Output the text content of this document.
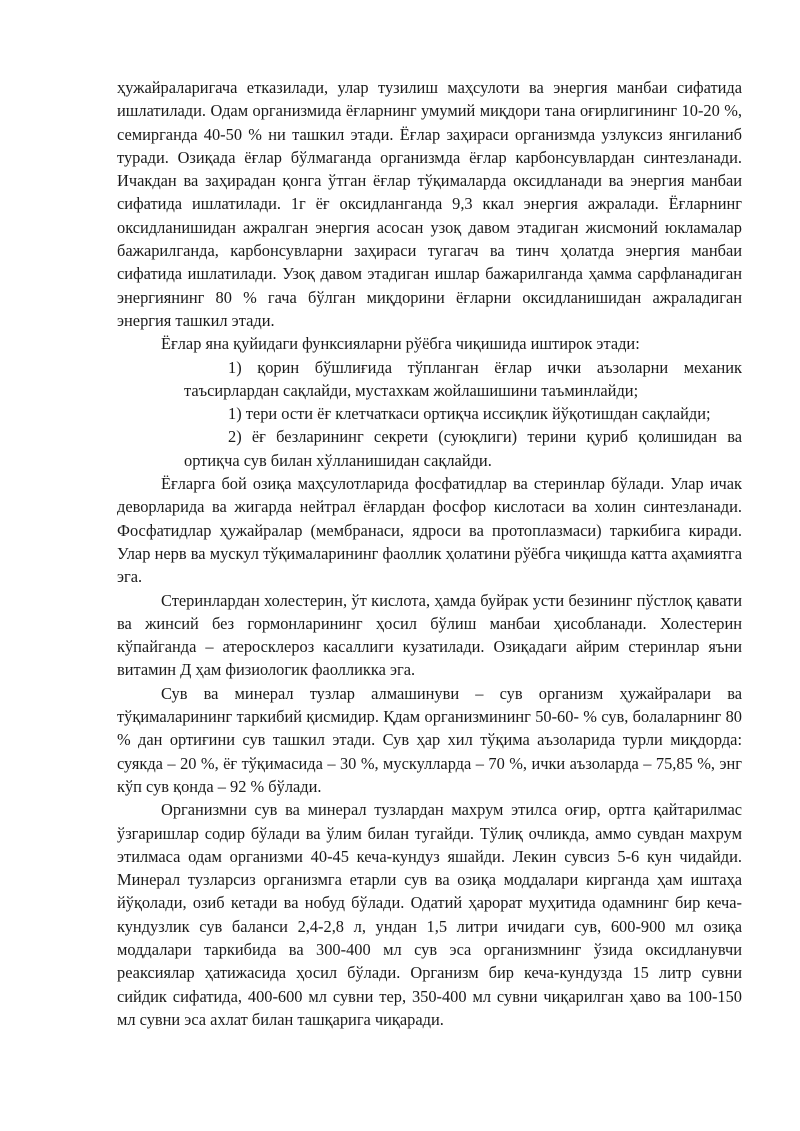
ҳужайраларигача етказилади, улар тузилиш маҳсулоти ва энергия манбаи сифатида ишлатилади. Одам организмида ёғларнинг умумий миқдори тана оғирлигининг 10-20 %, семирганда 40-50 % ни ташкил этади. Ёғлар заҳираси организмда узлуксиз янгиланиб туради. Озиқада ёғлар бўлмаганда организмда ёғлар карбонсувлардан синтезланади. Ичакдан ва заҳирадан қонга ўтган ёғлар тўқималарда оксидланади ва энергия манбаи сифатида ишлатилади. 1г ёғ оксидланганда 9,3 ккал энергия ажралади. Ёғларнинг оксидланишидан ажралган энергия асосан узоқ давом этадиган жисмоний юкламалар бажарилганда, карбонсувларни заҳираси тугагач ва тинч ҳолатда энергия манбаи сифатида ишлатилади. Узоқ давом этадиган ишлар бажарилганда ҳамма сарфланадиган энергиянинг 80 % гача бўлган миқдорини ёғларни оксидланишидан ажраладиган энергия ташкил этади.

Ёғлар яна қуйидаги функсияларни рўёбга чиқишида иштирок этади:

1) қорин бўшлиғида тўпланган ёғлар ички аъзоларни механик таъсирлардан сақлайди, мустахкам жойлашишини таъминлайди;

1) тери ости ёғ клетчаткаси ортиқча иссиқлик йўқотишдан сақлайди;

2) ёғ безларининг секрети (суюқлиги) терини қуриб қолишидан ва ортиқча сув билан хўлланишидан сақлайди.

Ёғларга бой озиқа маҳсулотларида фосфатидлар ва стеринлар бўлади. Улар ичак деворларида ва жигарда нейтрал ёғлардан фосфор кислотаси ва холин синтезланади. Фосфатидлар ҳужайралар (мембранаси, ядроси ва протоплазмаси) таркибига киради. Улар нерв ва мускул тўқималарининг фаоллик ҳолатини рўёбга чиқишда катта аҳамиятга эга.

Стеринлардан холестерин, ўт кислота, ҳамда буйрак усти безининг пўстлоқ қавати ва жинсий без гормонларининг ҳосил бўлиш манбаи ҳисобланади. Холестерин кўпайганда – атеросклероз касаллиги кузатилади. Озиқадаги айрим стеринлар яъни витамин Д ҳам физиологик фаолликка эга.

Сув ва минерал тузлар алмашинуви – сув организм ҳужайралари ва тўқималарининг таркибий қисмидир. Қдам организмининг 50-60- % сув, болаларнинг 80 % дан ортиғини сув ташкил этади. Сув ҳар хил тўқима аъзоларида турли миқдорда: суякда – 20 %, ёғ тўқимасида – 30 %, мускулларда – 70 %, ички аъзоларда – 75,85 %, энг кўп сув қонда – 92 % бўлади.

Организмни сув ва минерал тузлардан махрум этилса оғир, ортга қайтарилмас ўзгаришлар содир бўлади ва ўлим билан тугайди. Тўлиқ очликда, аммо сувдан махрум этилмаса одам организми 40-45 кеча-кундуз яшайди. Лекин сувсиз 5-6 кун чидайди. Минерал тузларсиз организмга етарли сув ва озиқа моддалари кирганда ҳам иштаҳа йўқолади, озиб кетади ва нобуд бўлади. Одатий ҳарорат муҳитида одамнинг бир кеча-кундузлик сув баланси 2,4-2,8 л, ундан 1,5 литри ичидаги сув, 600-900 мл озиқа моддалари таркибида ва 300-400 мл сув эса организмнинг ўзида оксидланувчи реаксиялар ҳатижасида ҳосил бўлади. Организм бир кеча-кундузда 15 литр сувни сийдик сифатида, 400-600 мл сувни тер, 350-400 мл сувни чиқарилган ҳаво ва 100-150 мл сувни эса ахлат билан ташқарига чиқаради.
